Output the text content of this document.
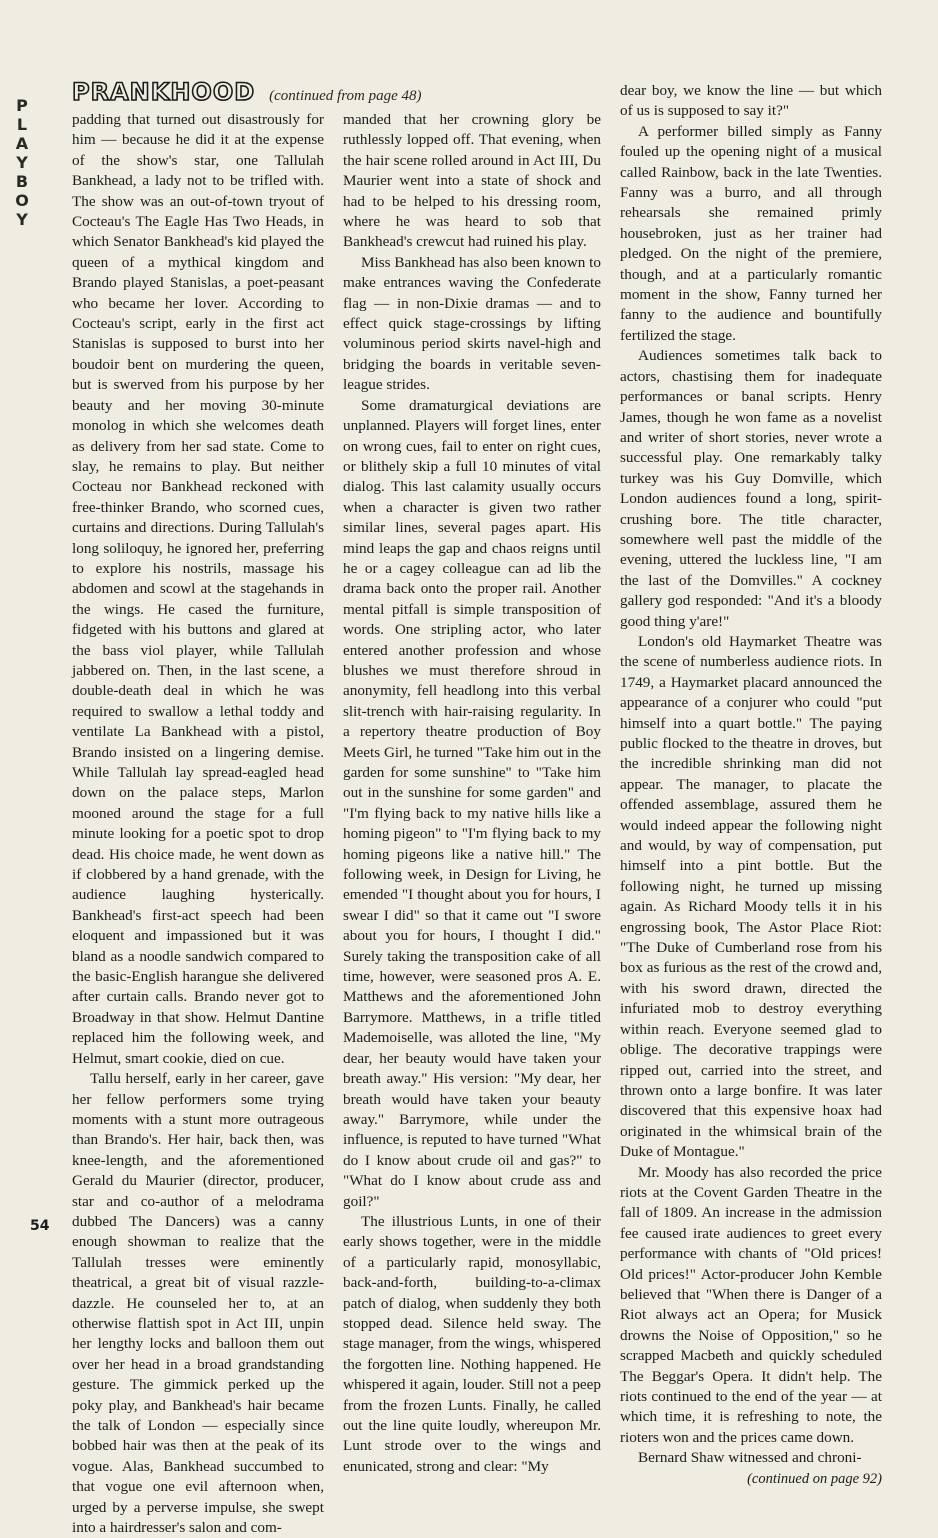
P
L
A
Y
B
O
Y
PRANKHOOD (continued from page 48)

padding that turned out disastrously for him — because he did it at the expense of the show's star, one Tallulah Bankhead, a lady not to be trifled with. The show was an out-of-town tryout of Cocteau's The Eagle Has Two Heads, in which Senator Bankhead's kid played the queen of a mythical kingdom and Brando played Stanislas, a poet-peasant who became her lover. According to Cocteau's script, early in the first act Stanislas is supposed to burst into her boudoir bent on murdering the queen, but is swerved from his purpose by her beauty and her moving 30-minute monolog in which she welcomes death as delivery from her sad state. Come to slay, he remains to play. But neither Cocteau nor Bankhead reckoned with free-thinker Brando, who scorned cues, curtains and directions. During Tallulah's long soliloquy, he ignored her, preferring to explore his nostrils, massage his abdomen and scowl at the stagehands in the wings. He cased the furniture, fidgeted with his buttons and glared at the bass viol player, while Tallulah jabbered on. Then, in the last scene, a double-death deal in which he was required to swallow a lethal toddy and ventilate La Bankhead with a pistol, Brando insisted on a lingering demise. While Tallulah lay spread-eagled head down on the palace steps, Marlon mooned around the stage for a full minute looking for a poetic spot to drop dead. His choice made, he went down as if clobbered by a hand grenade, with the audience laughing hysterically. Bankhead's first-act speech had been eloquent and impassioned but it was bland as a noodle sandwich compared to the basic-English harangue she delivered after curtain calls. Brando never got to Broadway in that show. Helmut Dantine replaced him the following week, and Helmut, smart cookie, died on cue.

Tallu herself, early in her career, gave her fellow performers some trying moments with a stunt more outrageous than Brando's. Her hair, back then, was knee-length, and the aforementioned Gerald du Maurier (director, producer, star and co-author of a melodrama dubbed The Dancers) was a canny enough showman to realize that the Tallulah tresses were eminently theatrical, a great bit of visual razzle-dazzle. He counseled her to, at an otherwise flattish spot in Act III, unpin her lengthy locks and balloon them out over her head in a broad grandstanding gesture. The gimmick perked up the poky play, and Bankhead's hair became the talk of London — especially since bobbed hair was then at the peak of its vogue. Alas, Bankhead succumbed to that vogue one evil afternoon when, urged by a perverse impulse, she swept into a hairdresser's salon and com-

manded that her crowning glory be ruthlessly lopped off. That evening, when the hair scene rolled around in Act III, Du Maurier went into a state of shock and had to be helped to his dressing room, where he was heard to sob that Bankhead's crewcut had ruined his play.

Miss Bankhead has also been known to make entrances waving the Confederate flag — in non-Dixie dramas — and to effect quick stage-crossings by lifting voluminous period skirts navel-high and bridging the boards in veritable seven-league strides.

Some dramaturgical deviations are unplanned. Players will forget lines, enter on wrong cues, fail to enter on right cues, or blithely skip a full 10 minutes of vital dialog. This last calamity usually occurs when a character is given two rather similar lines, several pages apart. His mind leaps the gap and chaos reigns until he or a cagey colleague can ad lib the drama back onto the proper rail. Another mental pitfall is simple transposition of words. One stripling actor, who later entered another profession and whose blushes we must therefore shroud in anonymity, fell headlong into this verbal slit-trench with hair-raising regularity. In a repertory theatre production of Boy Meets Girl, he turned "Take him out in the garden for some sunshine" to "Take him out in the sunshine for some garden" and "I'm flying back to my native hills like a homing pigeon" to "I'm flying back to my homing pigeons like a native hill." The following week, in Design for Living, he emended "I thought about you for hours, I swear I did" so that it came out "I swore about you for hours, I thought I did." Surely taking the transposition cake of all time, however, were seasoned pros A. E. Matthews and the aforementioned John Barrymore. Matthews, in a trifle titled Mademoiselle, was alloted the line, "My dear, her beauty would have taken your breath away." His version: "My dear, her breath would have taken your beauty away." Barrymore, while under the influence, is reputed to have turned "What do I know about crude oil and gas?" to "What do I know about crude ass and goil?"

The illustrious Lunts, in one of their early shows together, were in the middle of a particularly rapid, monosyllabic, back-and-forth, building-to-a-climax patch of dialog, when suddenly they both stopped dead. Silence held sway. The stage manager, from the wings, whispered the forgotten line. Nothing happened. He whispered it again, louder. Still not a peep from the frozen Lunts. Finally, he called out the line quite loudly, whereupon Mr. Lunt strode over to the wings and enunicated, strong and clear: "My

dear boy, we know the line — but which of us is supposed to say it?"

A performer billed simply as Fanny fouled up the opening night of a musical called Rainbow, back in the late Twenties. Fanny was a burro, and all through rehearsals she remained primly housebroken, just as her trainer had pledged. On the night of the premiere, though, and at a particularly romantic moment in the show, Fanny turned her fanny to the audience and bountifully fertilized the stage.

Audiences sometimes talk back to actors, chastising them for inadequate performances or banal scripts. Henry James, though he won fame as a novelist and writer of short stories, never wrote a successful play. One remarkably talky turkey was his Guy Domville, which London audiences found a long, spirit-crushing bore. The title character, somewhere well past the middle of the evening, uttered the luckless line, "I am the last of the Domvilles." A cockney gallery god responded: "And it's a bloody good thing y'are!"

London's old Haymarket Theatre was the scene of numberless audience riots. In 1749, a Haymarket placard announced the appearance of a conjurer who could "put himself into a quart bottle." The paying public flocked to the theatre in droves, but the incredible shrinking man did not appear. The manager, to placate the offended assemblage, assured them he would indeed appear the following night and would, by way of compensation, put himself into a pint bottle. But the following night, he turned up missing again. As Richard Moody tells it in his engrossing book, The Astor Place Riot: "The Duke of Cumberland rose from his box as furious as the rest of the crowd and, with his sword drawn, directed the infuriated mob to destroy everything within reach. Everyone seemed glad to oblige. The decorative trappings were ripped out, carried into the street, and thrown onto a large bonfire. It was later discovered that this expensive hoax had originated in the whimsical brain of the Duke of Montague."

Mr. Moody has also recorded the price riots at the Covent Garden Theatre in the fall of 1809. An increase in the admission fee caused irate audiences to greet every performance with chants of "Old prices! Old prices!" Actor-producer John Kemble believed that "When there is Danger of a Riot always act an Opera; for Musick drowns the Noise of Opposition," so he scrapped Macbeth and quickly scheduled The Beggar's Opera. It didn't help. The riots continued to the end of the year — at which time, it is refreshing to note, the rioters won and the prices came down.

Bernard Shaw witnessed and chroni-

(continued on page 92)
54
